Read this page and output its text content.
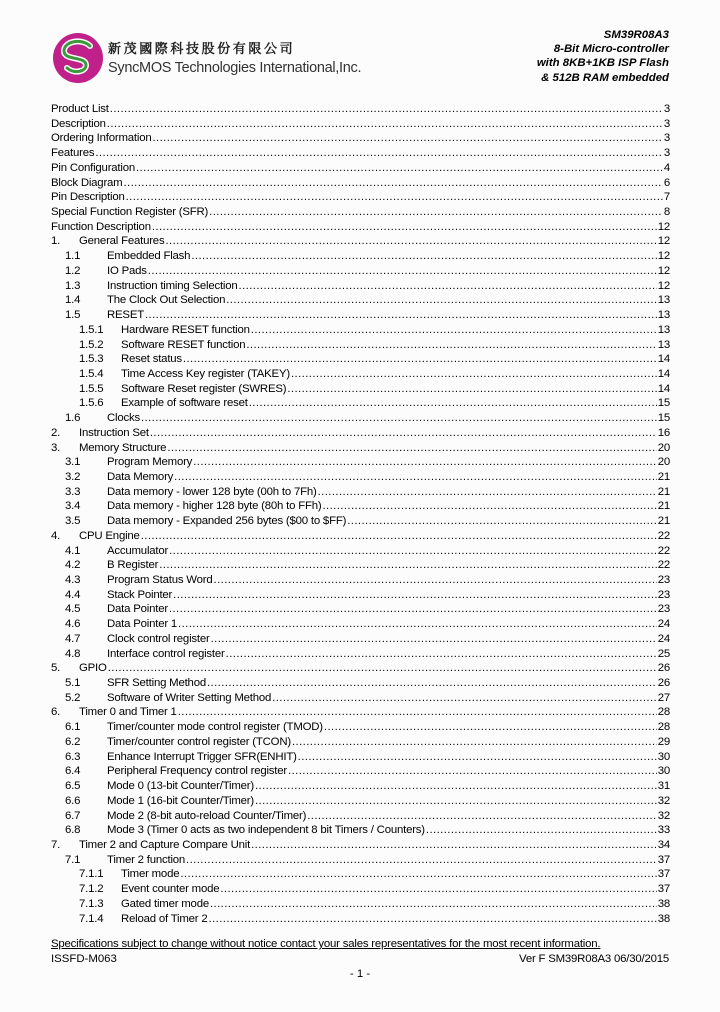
新茂國際科技股份有限公司
SyncMOS Technologies International,Inc.
SM39R08A3
8-Bit Micro-controller
with 8KB+1KB ISP Flash
& 512B RAM embedded
Product List .....	3
Description .....	3
Ordering Information .....	3
Features .....	3
Pin Configuration .....	4
Block Diagram .....	6
Pin Description .....	7
Special Function Register (SFR) .....	8
Function Description .....	12
1.	General Features .....	12
1.1	Embedded Flash .....	12
1.2	IO Pads .....	12
1.3	Instruction timing Selection .....	12
1.4	The Clock Out Selection .....	13
1.5	RESET .....	13
1.5.1	Hardware RESET function .....	13
1.5.2	Software RESET function .....	13
1.5.3	Reset status .....	14
1.5.4	Time Access Key register (TAKEY) .....	14
1.5.5	Software Reset register (SWRES) .....	14
1.5.6	Example of software reset .....	15
1.6	Clocks .....	15
2.	Instruction Set .....	16
3.	Memory Structure .....	20
3.1	Program Memory .....	20
3.2	Data Memory .....	21
3.3	Data memory - lower 128 byte (00h to 7Fh) .....	21
3.4	Data memory - higher 128 byte (80h to FFh) .....	21
3.5	Data memory - Expanded 256 bytes ($00 to $FF) .....	21
4.	CPU Engine .....	22
4.1	Accumulator .....	22
4.2	B Register .....	22
4.3	Program Status Word .....	23
4.4	Stack Pointer .....	23
4.5	Data Pointer .....	23
4.6	Data Pointer 1 .....	24
4.7	Clock control register .....	24
4.8	Interface control register .....	25
5.	GPIO .....	26
5.1	SFR Setting Method .....	26
5.2	Software of Writer Setting Method .....	27
6.	Timer 0 and Timer 1 .....	28
6.1	Timer/counter mode control register (TMOD) .....	28
6.2	Timer/counter control register (TCON) .....	29
6.3	Enhance Interrupt Trigger SFR(ENHIT) .....	30
6.4	Peripheral Frequency control register .....	30
6.5	Mode 0 (13-bit Counter/Timer) .....	31
6.6	Mode 1 (16-bit Counter/Timer) .....	32
6.7	Mode 2 (8-bit auto-reload Counter/Timer) .....	32
6.8	Mode 3 (Timer 0 acts as two independent 8 bit Timers / Counters) .....	33
7.	Timer 2 and Capture Compare Unit .....	34
7.1	Timer 2 function .....	37
7.1.1	Timer mode .....	37
7.1.2	Event counter mode .....	37
7.1.3	Gated timer mode .....	38
7.1.4	Reload of Timer 2 .....	38
Specifications subject to change without notice contact your sales representatives for the most recent information.
ISSFD-M063	Ver F SM39R08A3 06/30/2015
- 1 -
